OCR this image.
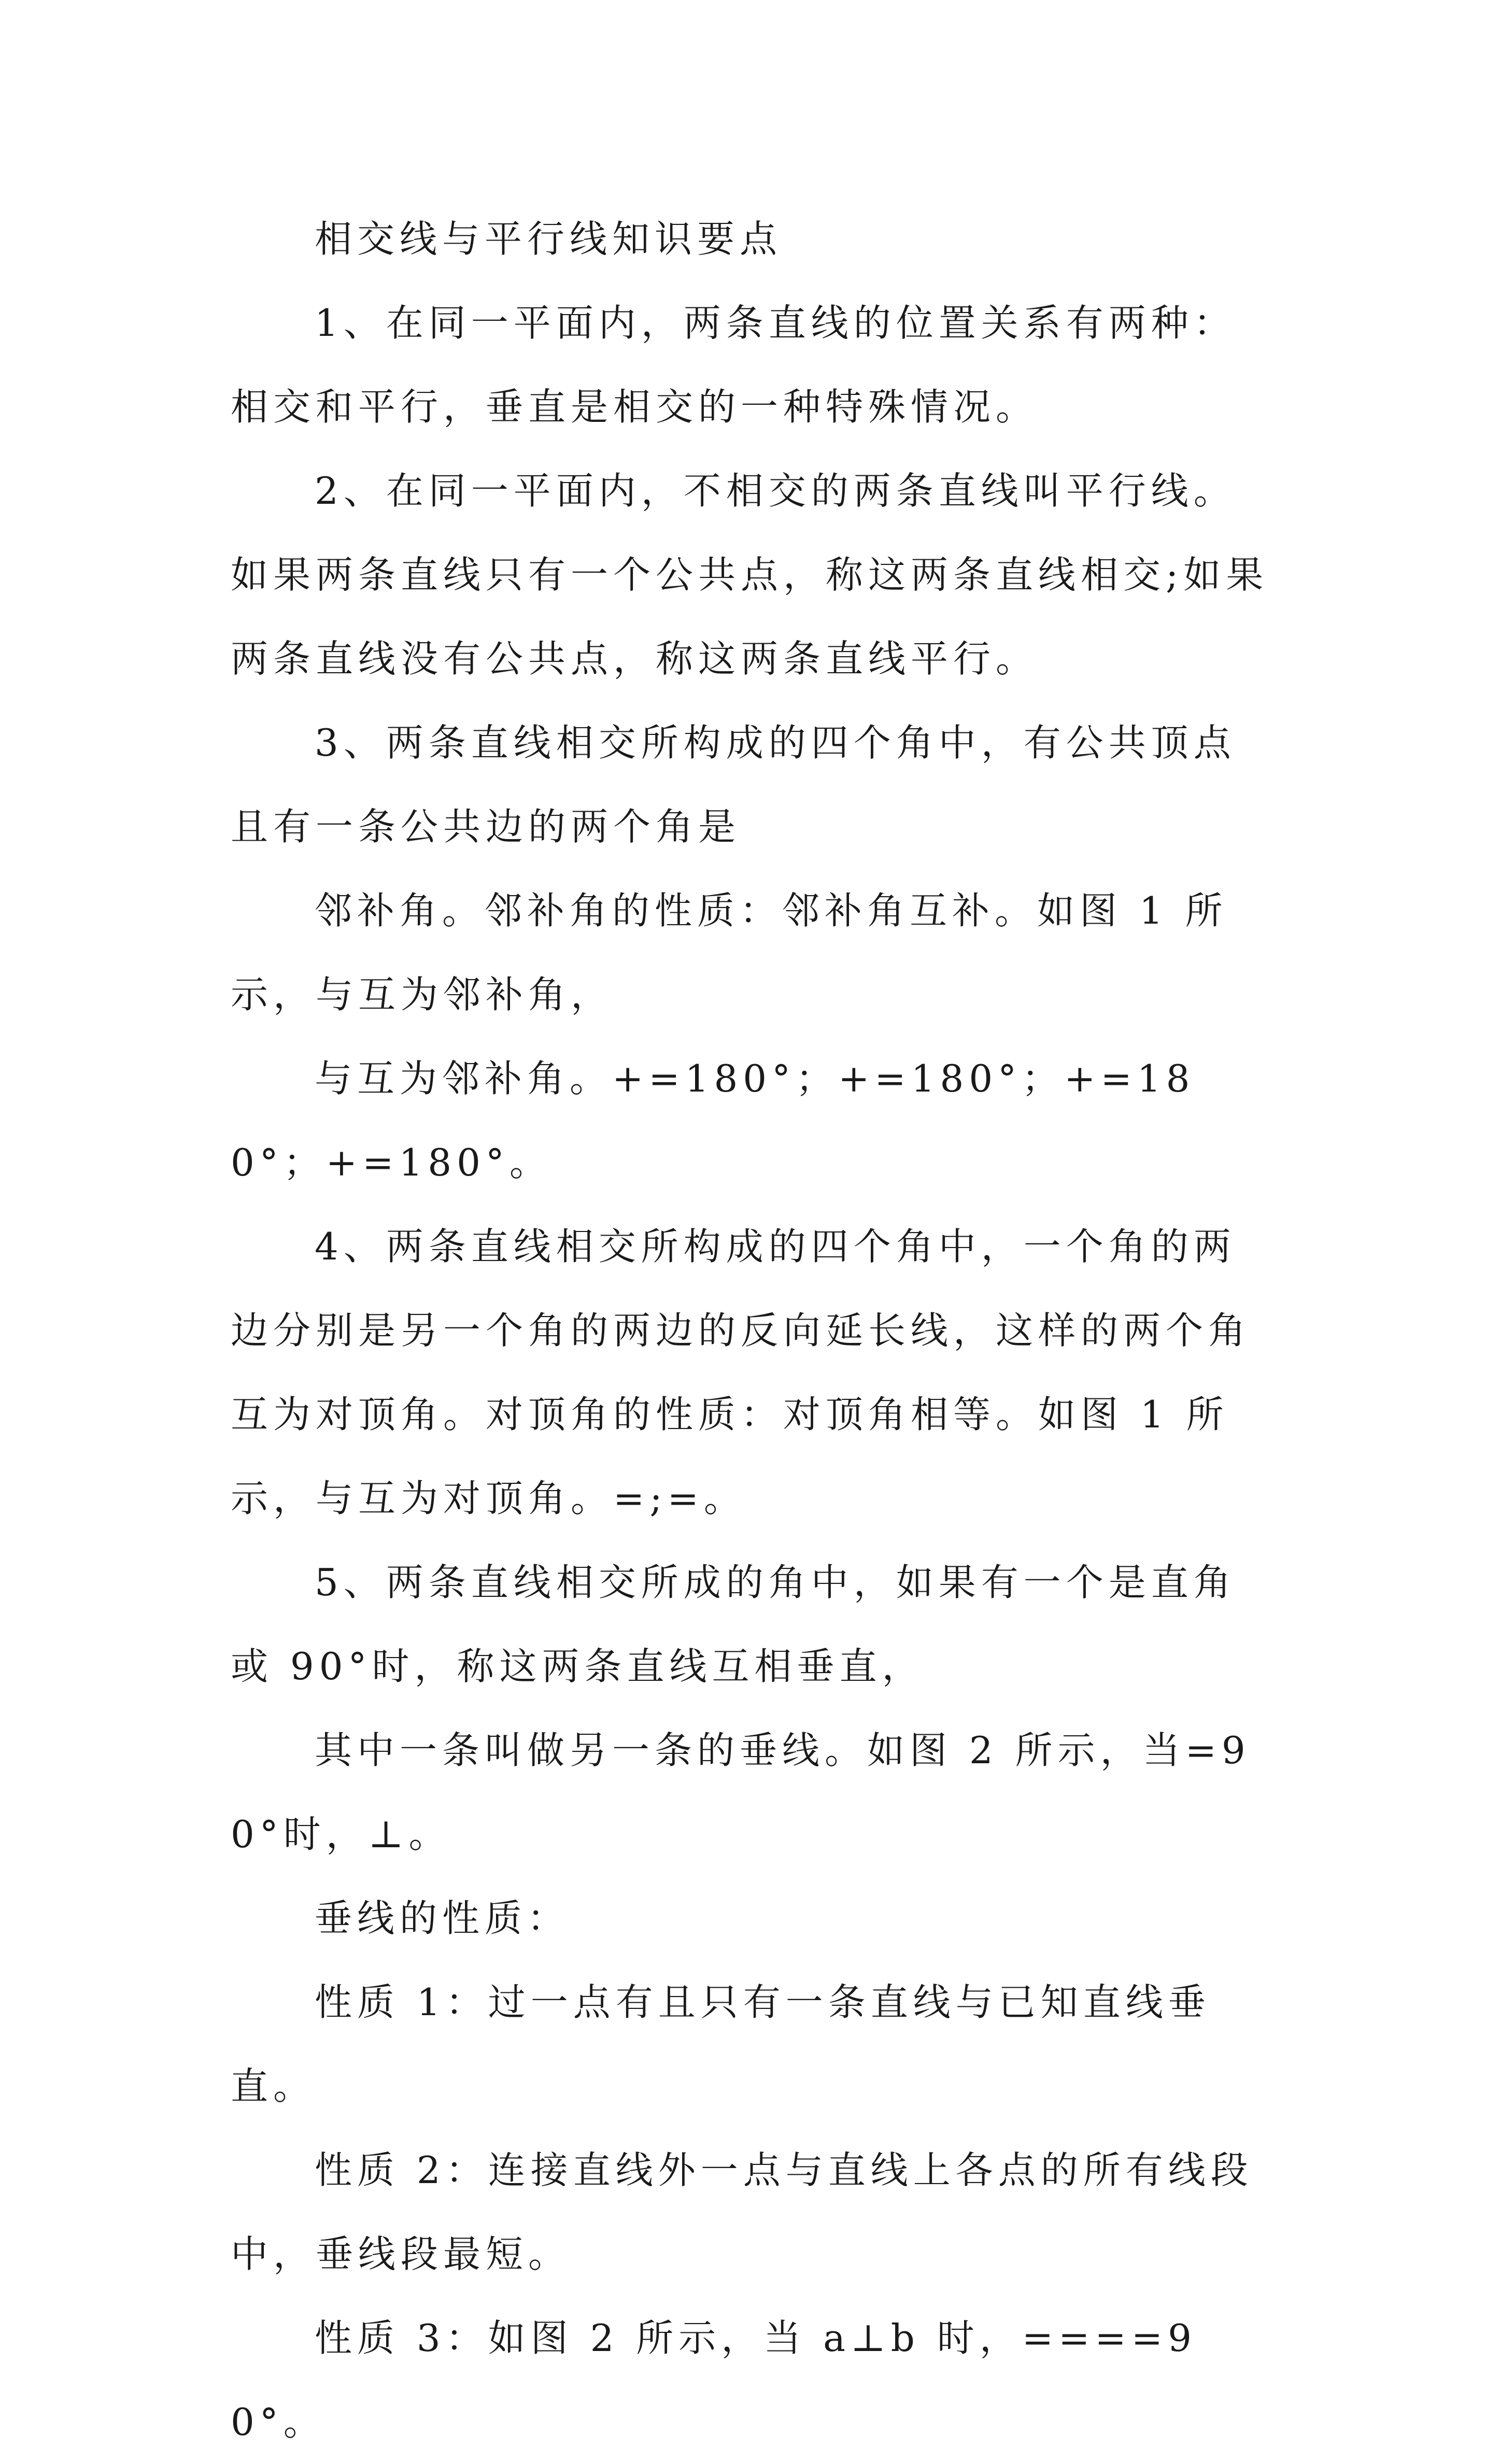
相交线与平行线知识要点

1、在同一平面内，两条直线的位置关系有两种：相交和平行，垂直是相交的一种特殊情况。

2、在同一平面内，不相交的两条直线叫平行线。如果两条直线只有一个公共点，称这两条直线相交;如果两条直线没有公共点，称这两条直线平行。

3、两条直线相交所构成的四个角中，有公共顶点且有一条公共边的两个角是

邻补角。邻补角的性质：邻补角互补。如图 1 所示，与互为邻补角，

与互为邻补角。+=180°；+=180°；+=180°；+=180°。

4、两条直线相交所构成的四个角中，一个角的两边分别是另一个角的两边的反向延长线，这样的两个角互为对顶角。对顶角的性质：对顶角相等。如图 1 所示，与互为对顶角。=;=。

5、两条直线相交所成的角中，如果有一个是直角或 90°时，称这两条直线互相垂直，

其中一条叫做另一条的垂线。如图 2 所示，当=90°时，⊥。

垂线的性质：

性质 1：过一点有且只有一条直线与已知直线垂直。

性质 2：连接直线外一点与直线上各点的所有线段中，垂线段最短。

性质 3：如图 2 所示，当 a⊥b 时，====90°。
